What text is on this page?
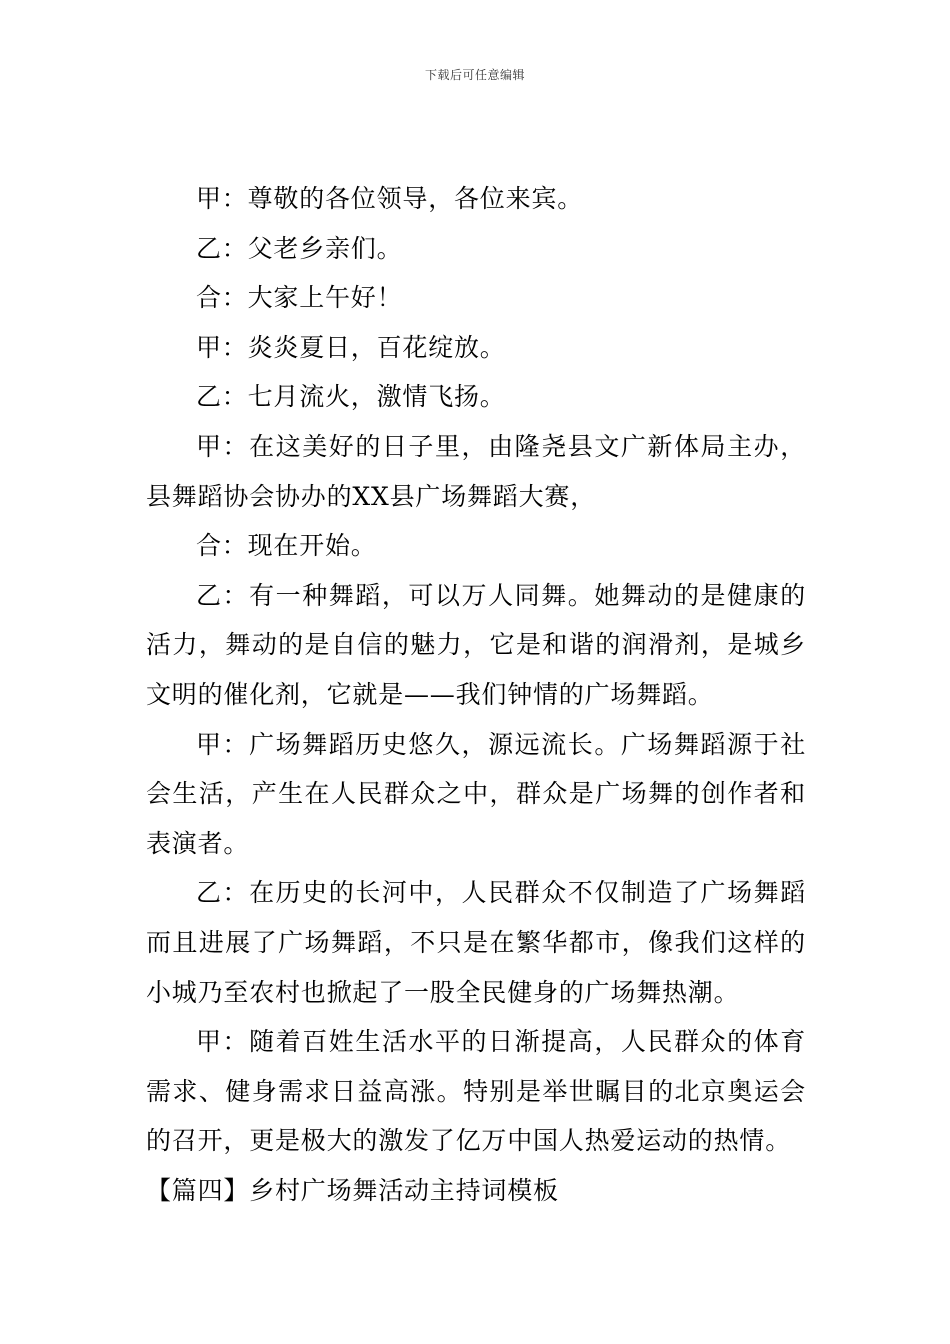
下载后可任意编辑

甲：尊敬的各位领导，各位来宾。

乙：父老乡亲们。

合：大家上午好！

甲：炎炎夏日，百花绽放。

乙：七月流火，激情飞扬。

甲：在这美好的日子里，由隆尧县文广新体局主办，县舞蹈协会协办的XX县广场舞蹈大赛，

合：现在开始。

乙：有一种舞蹈，可以万人同舞。她舞动的是健康的活力，舞动的是自信的魅力，它是和谐的润滑剂，是城乡文明的催化剂，它就是——我们钟情的广场舞蹈。

甲：广场舞蹈历史悠久，源远流长。广场舞蹈源于社会生活，产生在人民群众之中，群众是广场舞的创作者和表演者。

乙：在历史的长河中，人民群众不仅制造了广场舞蹈而且进展了广场舞蹈，不只是在繁华都市，像我们这样的小城乃至农村也掀起了一股全民健身的广场舞热潮。

甲：随着百姓生活水平的日渐提高，人民群众的体育需求、健身需求日益高涨。特别是举世瞩目的北京奥运会的召开，更是极大的激发了亿万中国人热爱运动的热情。

【篇四】乡村广场舞活动主持词模板
